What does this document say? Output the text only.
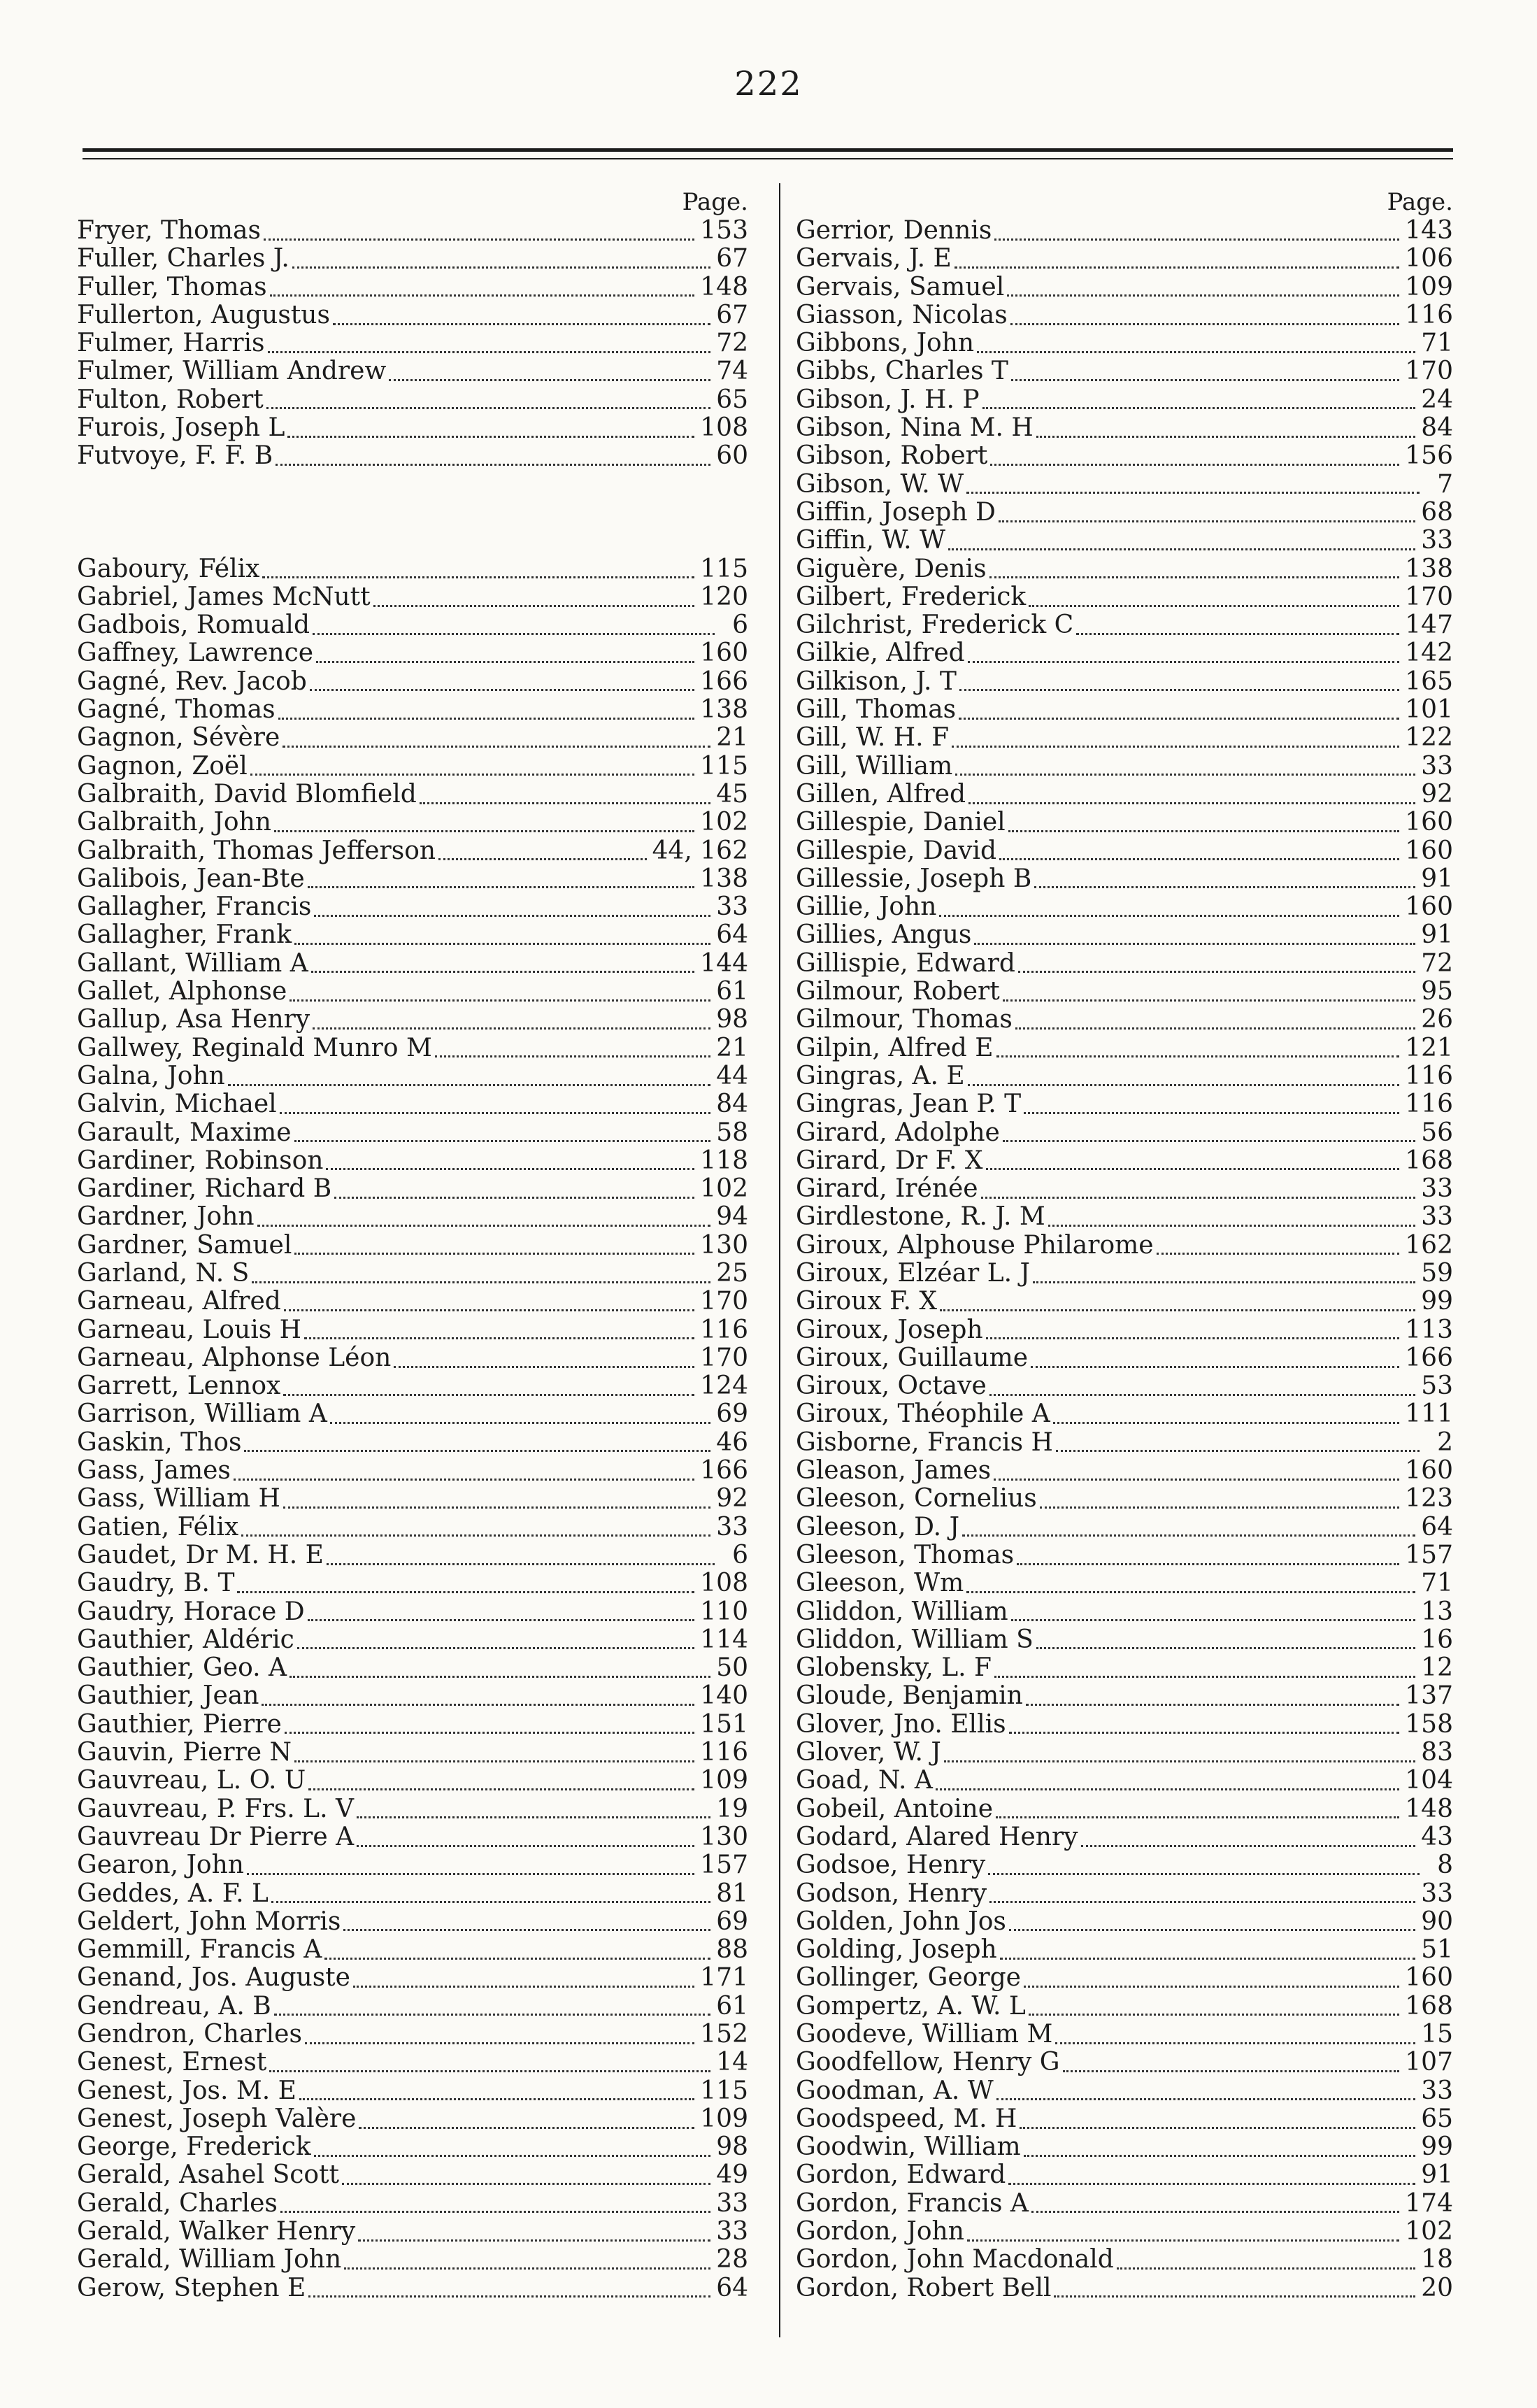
222
Page.
Fryer, Thomas	153
Fuller, Charles J.	67
Fuller, Thomas	148
Fullerton, Augustus	67
Fulmer, Harris	72
Fulmer, William Andrew	74
Fulton, Robert	65
Furois, Joseph L	108
Futvoye, F. F. B	60
Gaboury, Félix	115
Gabriel, James McNutt	120
Gadbois, Romuald	6
Gaffney, Lawrence	160
Gagné, Rev. Jacob	166
Gagné, Thomas	138
Gagnon, Sévère	21
Gagnon, Zoël	115
Galbraith, David Blomfield	45
Galbraith, John	102
Galbraith, Thomas Jefferson	44, 162
Galibois, Jean-Bte	138
Gallagher, Francis	33
Gallagher, Frank	64
Gallant, William A	144
Gallet, Alphonse	61
Gallup, Asa Henry	98
Gallwey, Reginald Munro M	21
Galna, John	44
Galvin, Michael	84
Garault, Maxime	58
Gardiner, Robinson	118
Gardiner, Richard B	102
Gardner, John	94
Gardner, Samuel	130
Garland, N. S	25
Garneau, Alfred	170
Garneau, Louis H	116
Garneau, Alphonse Léon	170
Garrett, Lennox	124
Garrison, William A	69
Gaskin, Thos	46
Gass, James	166
Gass, William H	92
Gatien, Félix	33
Gaudet, Dr M. H. E	6
Gaudry, B. T	108
Gaudry, Horace D	110
Gauthier, Aldéric	114
Gauthier, Geo. A	50
Gauthier, Jean	140
Gauthier, Pierre	151
Gauvin, Pierre N	116
Gauvreau, L. O. U	109
Gauvreau, P. Frs. L. V	19
Gauvreau Dr Pierre A	130
Gearon, John	157
Geddes, A. F. L	81
Geldert, John Morris	69
Gemmill, Francis A	88
Genand, Jos. Auguste	171
Gendreau, A. B	61
Gendron, Charles	152
Genest, Ernest	14
Genest, Jos. M. E	115
Genest, Joseph Valère	109
George, Frederick	98
Gerald, Asahel Scott	49
Gerald, Charles	33
Gerald, Walker Henry	33
Gerald, William John	28
Gerow, Stephen E	64
Page.
Gerrior, Dennis	143
Gervais, J. E	106
Gervais, Samuel	109
Giasson, Nicolas	116
Gibbons, John	71
Gibbs, Charles T	170
Gibson, J. H. P	24
Gibson, Nina M. H	84
Gibson, Robert	156
Gibson, W. W	7
Giffin, Joseph D	68
Giffin, W. W	33
Giguère, Denis	138
Gilbert, Frederick	170
Gilchrist, Frederick C	147
Gilkie, Alfred	142
Gilkison, J. T	165
Gill, Thomas	101
Gill, W. H. F	122
Gill, William	33
Gillen, Alfred	92
Gillespie, Daniel	160
Gillespie, David	160
Gillessie, Joseph B	91
Gillie, John	160
Gillies, Angus	91
Gillispie, Edward	72
Gilmour, Robert	95
Gilmour, Thomas	26
Gilpin, Alfred E	121
Gingras, A. E	116
Gingras, Jean P. T	116
Girard, Adolphe	56
Girard, Dr F. X	168
Girard, Irénée	33
Girdlestone, R. J. M	33
Giroux, Alphouse Philarome	162
Giroux, Elzéar L. J	59
Giroux F. X	99
Giroux, Joseph	113
Giroux, Guillaume	166
Giroux, Octave	53
Giroux, Théophile A	111
Gisborne, Francis H	2
Gleason, James	160
Gleeson, Cornelius	123
Gleeson, D. J	64
Gleeson, Thomas	157
Gleeson, Wm	71
Gliddon, William	13
Gliddon, William S	16
Globensky, L. F	12
Gloude, Benjamin	137
Glover, Jno. Ellis	158
Glover, W. J	83
Goad, N. A	104
Gobeil, Antoine	148
Godard, Alared Henry	43
Godsoe, Henry	8
Godson, Henry	33
Golden, John Jos	90
Golding, Joseph	51
Gollinger, George	160
Gompertz, A. W. L	168
Goodeve, William M	15
Goodfellow, Henry G	107
Goodman, A. W	33
Goodspeed, M. H	65
Goodwin, William	99
Gordon, Edward	91
Gordon, Francis A	174
Gordon, John	102
Gordon, John Macdonald	18
Gordon, Robert Bell	20
